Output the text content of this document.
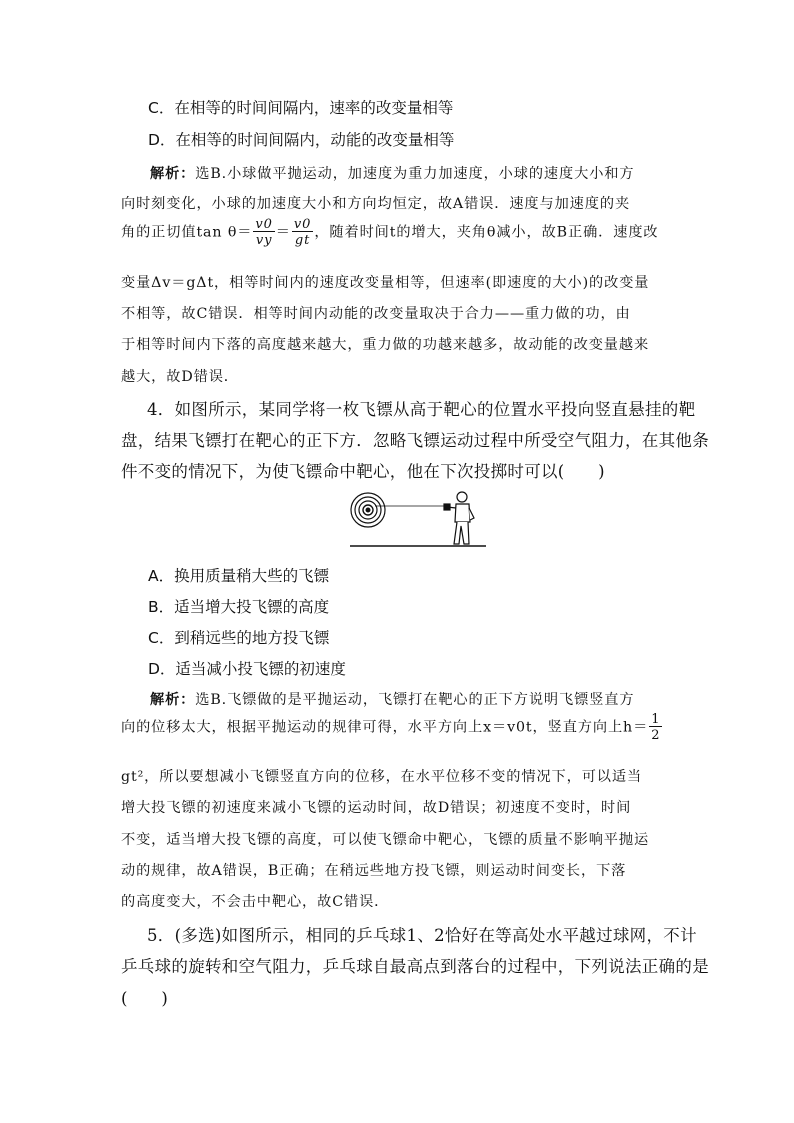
C．在相等的时间间隔内，速率的改变量相等
D．在相等的时间间隔内，动能的改变量相等
解析：选B.小球做平抛运动，加速度为重力加速度，小球的速度大小和方
向时刻变化，小球的加速度大小和方向均恒定，故A错误．速度与加速度的夹
角的正切值$\tan \theta= \frac{v0}{vy} = \frac{v0}{gt}$ ，随着时间t的增大，夹角θ减小，故B正确．速度改
变量Δv＝gΔt，相等时间内的速度改变量相等，但速率(即速度的大小)的改变量
不相等，故C错误．相等时间内动能的改变量取决于合力——重力做的功，由
于相等时间内下落的高度越来越大，重力做的功越来越多，故动能的改变量越来
越大，故D错误．
4．如图所示，某同学将一枚飞镖从高于靶心的位置水平投向竖直悬挂的靶
盘，结果飞镖打在靶心的正下方．忽略飞镖运动过程中所受空气阻力，在其他条
件不变的情况下，为使飞镖命中靶心，他在下次投掷时可以(　　)
A．换用质量稍大些的飞镖
B．适当增大投飞镖的高度
C．到稍远些的地方投飞镖
D．适当减小投飞镖的初速度
解析：选B.飞镖做的是平抛运动，飞镖打在靶心的正下方说明飞镖竖直方
向的位移太大，根据平抛运动的规律可得，水平方向上x＝v0t，竖直方向上$h= \frac{1}{2}$
gt²，所以要想减小飞镖竖直方向的位移，在水平位移不变的情况下，可以适当
增大投飞镖的初速度来减小飞镖的运动时间，故D错误；初速度不变时，时间
不变，适当增大投飞镖的高度，可以使飞镖命中靶心，飞镖的质量不影响平抛运
动的规律，故A错误，B正确；在稍远些地方投飞镖，则运动时间变长，下落
的高度变大，不会击中靶心，故C错误．
5．(多选)如图所示，相同的乒乓球1、2恰好在等高处水平越过球网，不计
乒乓球的旋转和空气阻力，乒乓球自最高点到落台的过程中，下列说法正确的是
(　　)
